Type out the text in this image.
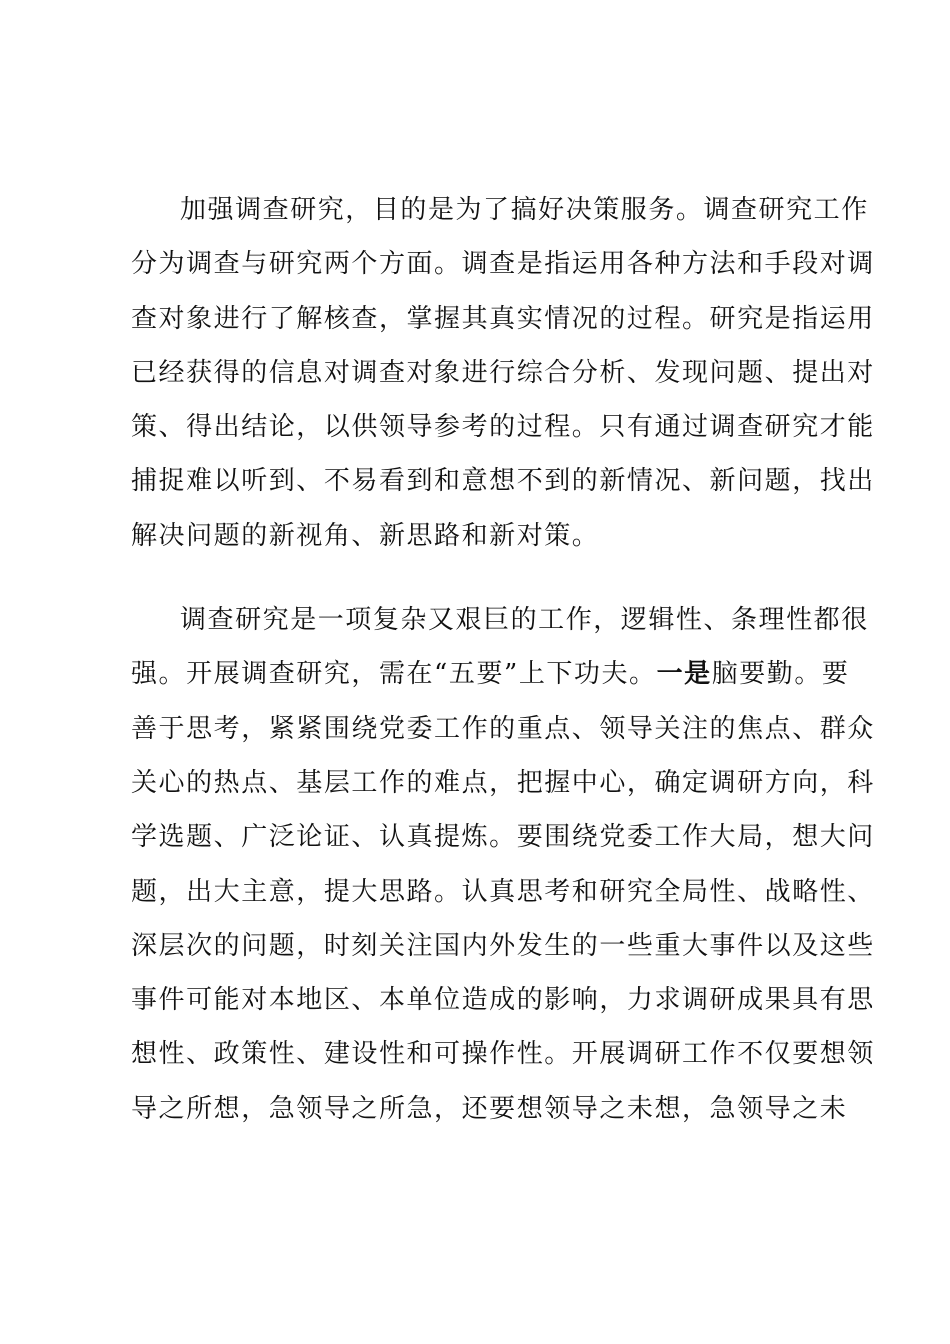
加强调查研究，目的是为了搞好决策服务。调查研究工作
分为调查与研究两个方面。调查是指运用各种方法和手段对调
查对象进行了解核查，掌握其真实情况的过程。研究是指运用
已经获得的信息对调查对象进行综合分析、发现问题、提出对
策、得出结论，以供领导参考的过程。只有通过调查研究才能
捕捉难以听到、不易看到和意想不到的新情况、新问题，找出
解决问题的新视角、新思路和新对策。
调查研究是一项复杂又艰巨的工作，逻辑性、条理性都很
强。开展调查研究，需在“五要”上下功夫。一是脑要勤。要
善于思考，紧紧围绕党委工作的重点、领导关注的焦点、群众
关心的热点、基层工作的难点，把握中心，确定调研方向，科
学选题、广泛论证、认真提炼。要围绕党委工作大局，想大问
题，出大主意，提大思路。认真思考和研究全局性、战略性、
深层次的问题，时刻关注国内外发生的一些重大事件以及这些
事件可能对本地区、本单位造成的影响，力求调研成果具有思
想性、政策性、建设性和可操作性。开展调研工作不仅要想领
导之所想，急领导之所急，还要想领导之未想，急领导之未
